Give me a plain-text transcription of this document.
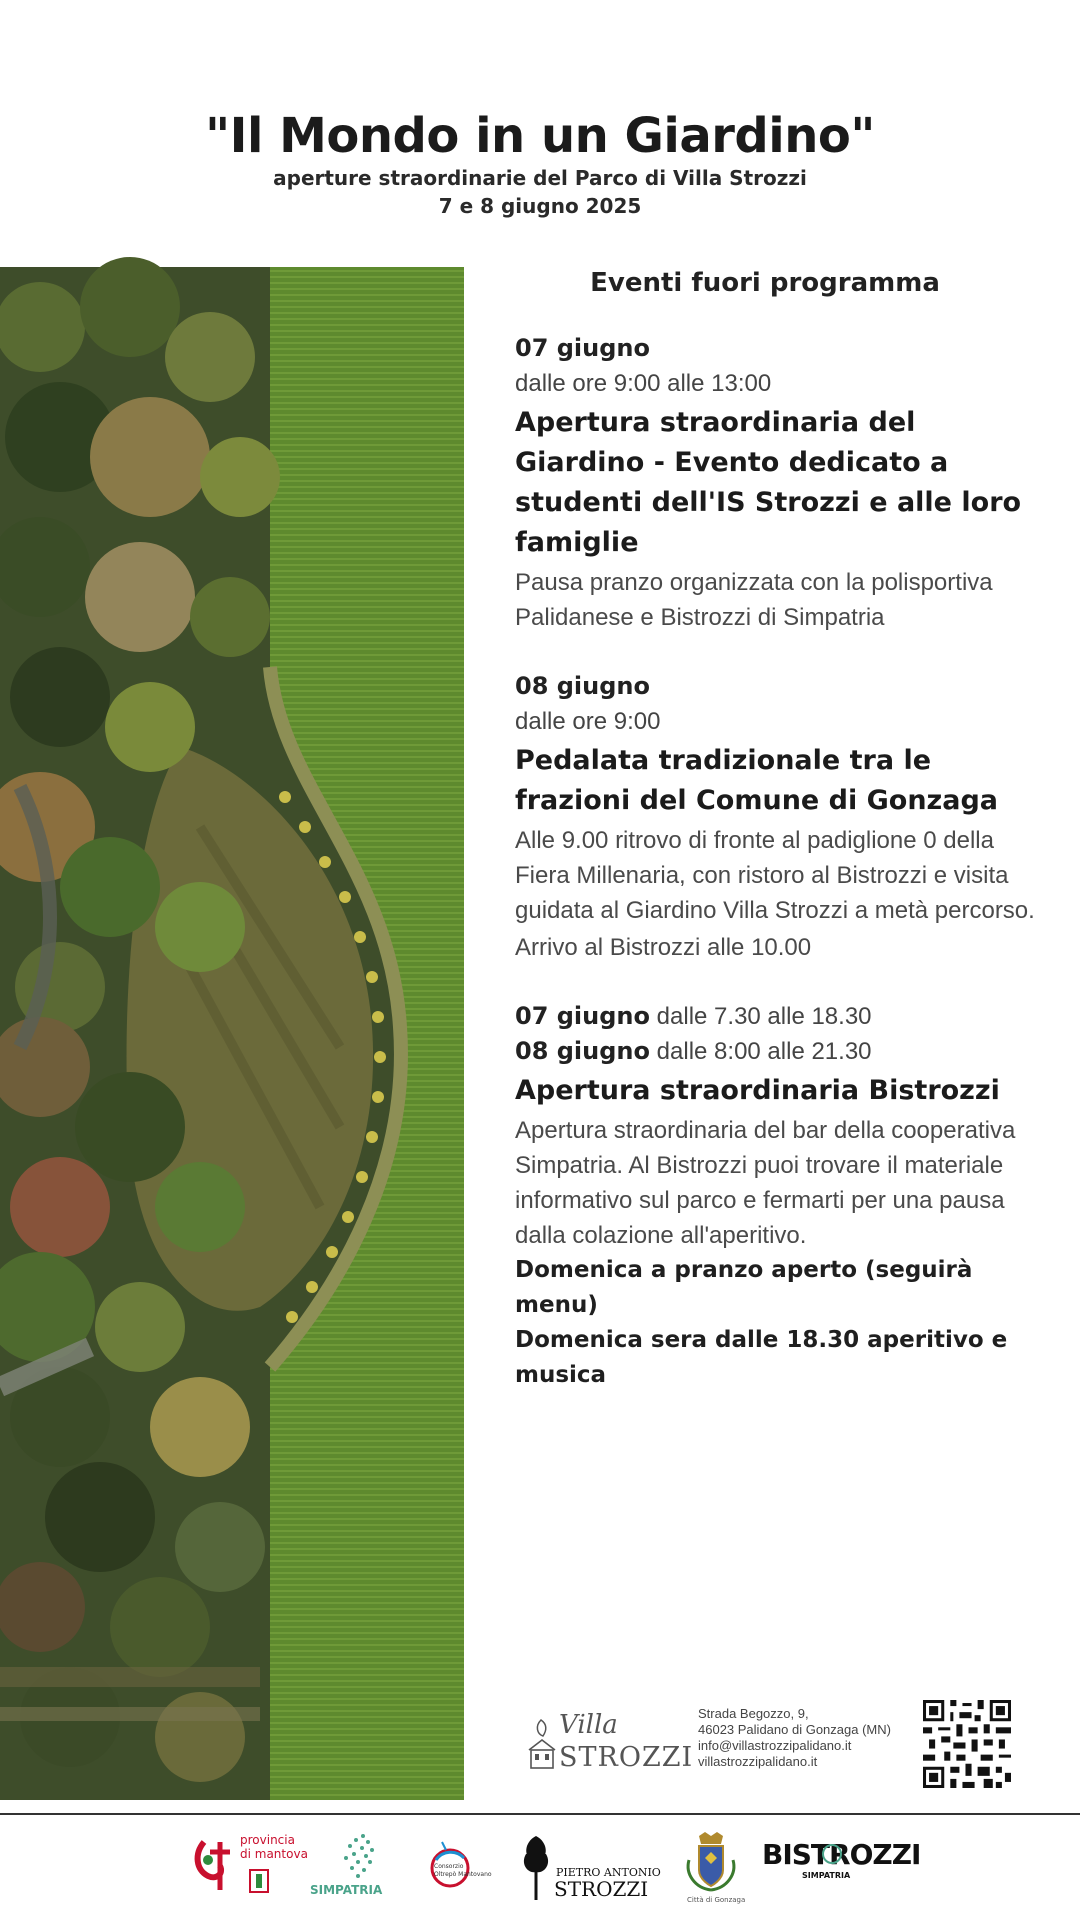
"Il Mondo in un Giardino"
aperture straordinarie del Parco di Villa Strozzi
7 e 8 giugno 2025
Eventi fuori programma
07 giugno
dalle ore 9:00 alle 13:00
Apertura straordinaria del Giardino - Evento dedicato a studenti dell'IS Strozzi e alle loro famiglie
Pausa pranzo organizzata con la polisportiva Palidanese e Bistrozzi di Simpatria
08 giugno
dalle ore 9:00
Pedalata tradizionale tra le frazioni del Comune di Gonzaga
Alle 9.00 ritrovo di fronte al padiglione 0 della Fiera Millenaria, con ristoro al Bistrozzi e visita guidata al Giardino Villa Strozzi a metà percorso.
Arrivo al Bistrozzi alle 10.00
07 giugno dalle 7.30 alle 18.30
08 giugno dalle 8:00 alle 21.30
Apertura straordinaria Bistrozzi
Apertura straordinaria del bar della cooperativa Simpatria. Al Bistrozzi puoi trovare il materiale informativo sul parco e fermarti per una pausa dalla colazione all'aperitivo.
Domenica a pranzo aperto (seguirà menu)
Domenica sera dalle 18.30 aperitivo e musica
Villa
STROZZI
Strada Begozzo, 9,
46023 Palidano di Gonzaga (MN)
info@villastrozzipalidano.it
villastrozzipalidano.it
provincia
di mantova
SIMPATRIA
Consorzio
Oltrepò Mantovano	PIETRO ANTONIO
STROZZI	Città di Gonzaga
BISTROZZI
SIMPATRIA
